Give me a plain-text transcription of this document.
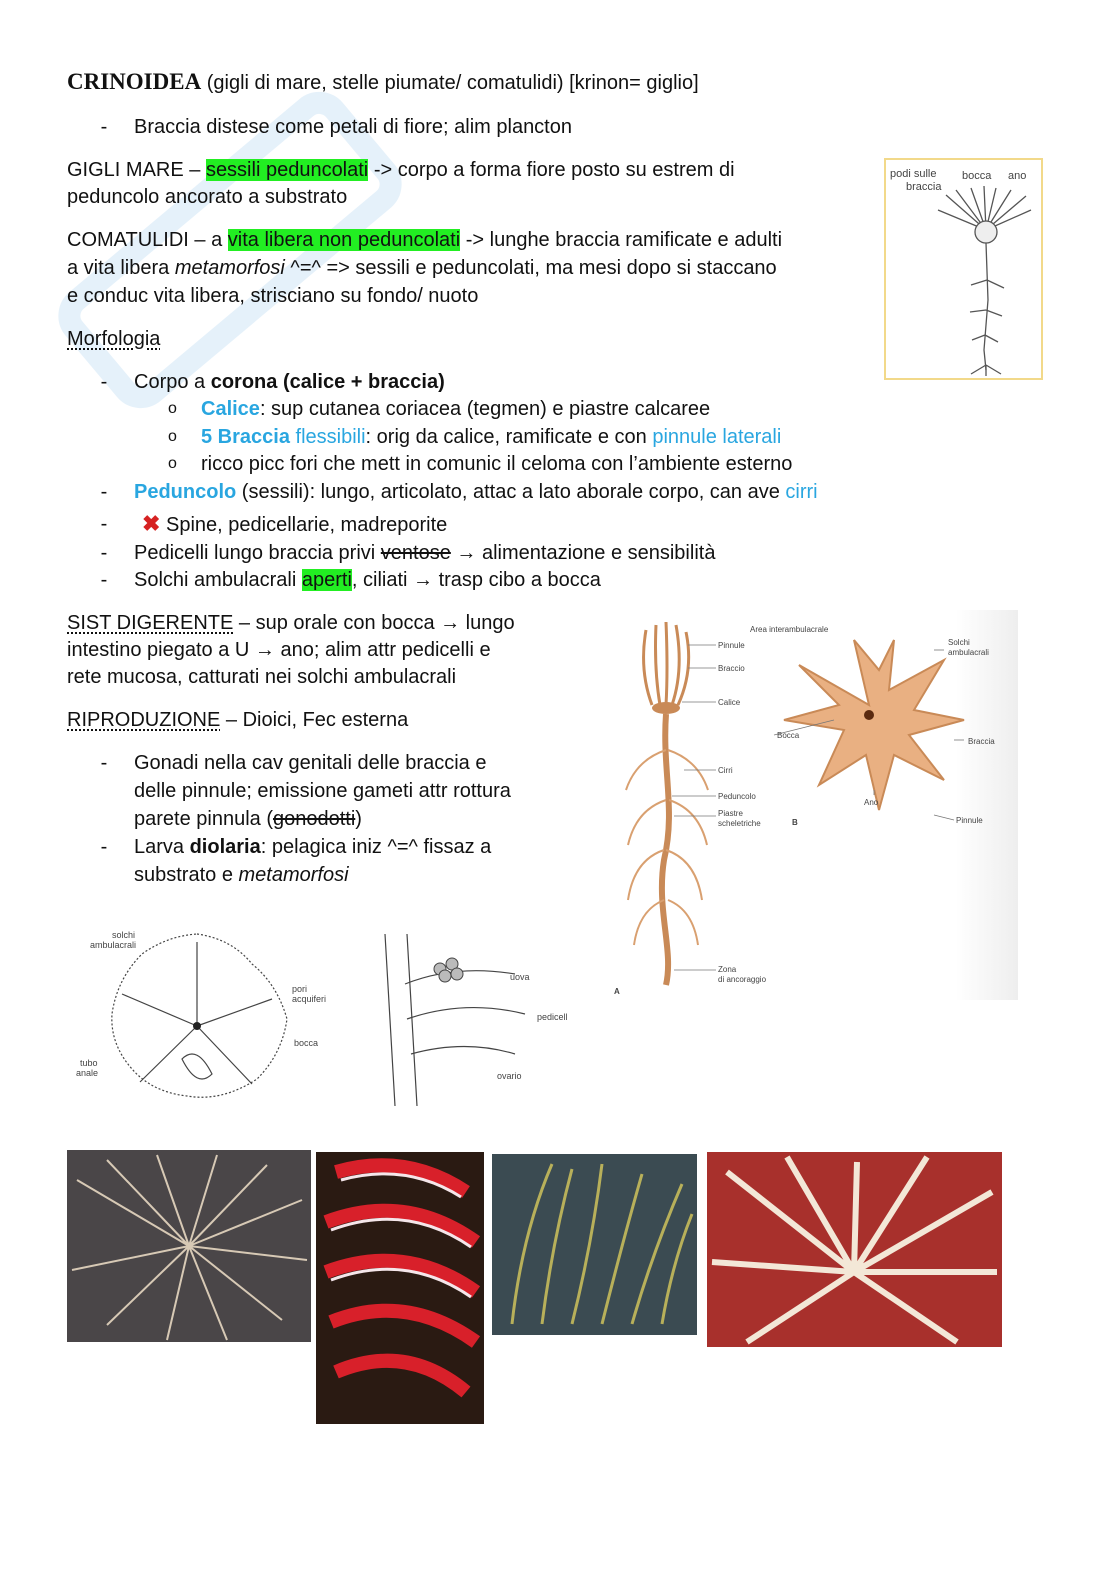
CRINOIDEA (gigli di mare, stelle piumate/ comatulidi) [krinon= giglio]
-	Braccia distese come petali di fiore; alim plancton
GIGLI MARE – sessili peduncolati -> corpo a forma fiore posto su estrem di
peduncolo ancorato a substrato
COMATULIDI – a vita libera non peduncolati -> lunghe braccia ramificate e adulti
a vita libera metamorfosi ^=^ => sessili e peduncolati, ma mesi dopo si staccano
e conduc vita libera, strisciano su fondo/ nuoto
Morfologia
-	Corpo a corona (calice + braccia)
o Calice: sup cutanea coriacea (tegmen) e piastre calcaree
o 5 Braccia flessibili: orig da calice, ramificate e con pinnule laterali
o ricco picc fori che mett in comunic il celoma con l’ambiente esterno
-	Peduncolo (sessili): lungo, articolato, attac a lato aborale corpo, can ave cirri
-	✖ Spine, pedicellarie, madreporite
-	Pedicelli lungo braccia privi ventose → alimentazione e sensibilità
-	Solchi ambulacrali aperti, ciliati → trasp cibo a bocca
SIST DIGERENTE – sup orale con bocca → lungo
intestino piegato a U → ano; alim attr pedicelli e
rete mucosa, catturati nei solchi ambulacrali
RIPRODUZIONE – Dioici, Fec esterna
-	Gonadi nella cav genitali delle braccia e
delle pinnule; emissione gameti attr rottura
parete pinnula (gonodotti)
-	Larva diolaria: pelagica iniz ^=^ fissaz a
substrato e metamorfosi
podi sulle
braccia
bocca ano
Pinnule
Braccio
Calice
Cirri
Peduncolo
Piastre
scheletriche
Zona
di ancoraggio
A
B
Area interambulacrale
Solchi
ambulacrali
Bocca
Braccia
Ano
Pinnule
solchi
ambulacrali
pori
acquiferi
bocca
tubo
anale
uova
pedicell
ovario
